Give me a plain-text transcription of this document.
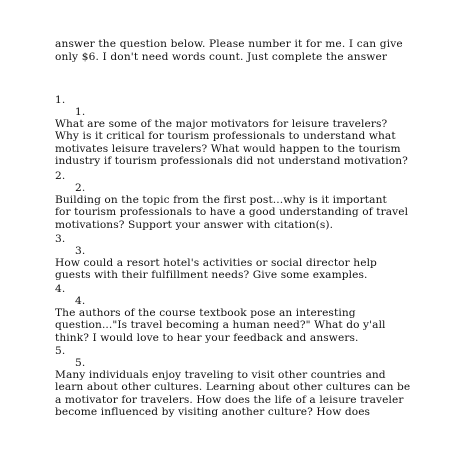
answer the question below. Please number it for me. I can give
only $6. I don't need words count. Just complete the answer
1.
1.
What are some of the major motivators for leisure travelers?
Why is it critical for tourism professionals to understand what
motivates leisure travelers? What would happen to the tourism
industry if tourism professionals did not understand motivation?
2.
2.
Building on the topic from the first post...why is it important
for tourism professionals to have a good understanding of travel
motivations? Support your answer with citation(s).
3.
3.
How could a resort hotel's activities or social director help
guests with their fulfillment needs? Give some examples.
4.
4.
The authors of the course textbook pose an interesting
question..."Is travel becoming a human need?" What do y'all
think? I would love to hear your feedback and answers.
5.
5.
Many individuals enjoy traveling to visit other countries and
learn about other cultures. Learning about other cultures can be
a motivator for travelers. How does the life of a leisure traveler
become influenced by visiting another culture? How does
